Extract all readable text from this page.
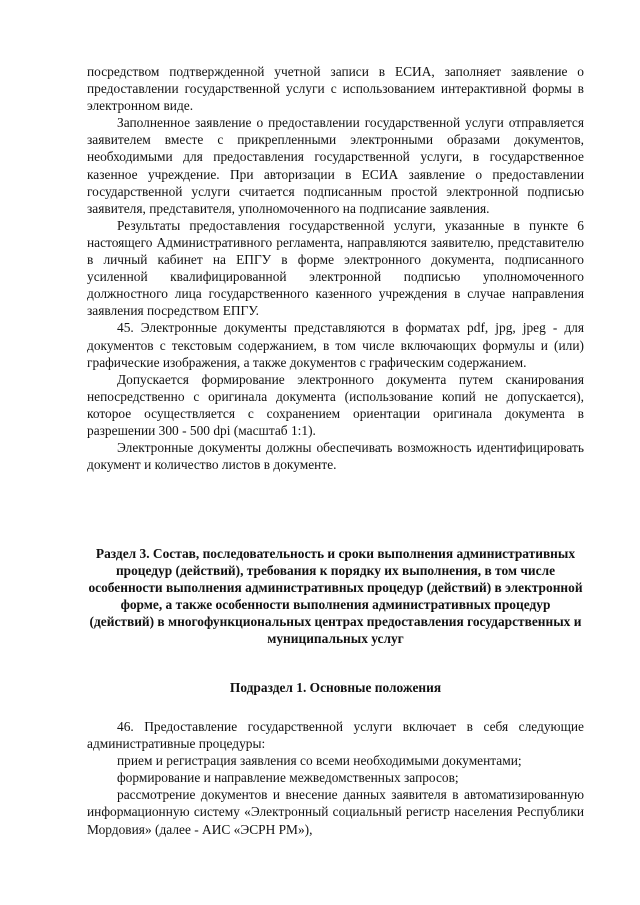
посредством подтвержденной учетной записи в ЕСИА, заполняет заявление о предоставлении государственной услуги с использованием интерактивной формы в электронном виде.

Заполненное заявление о предоставлении государственной услуги отправляется заявителем вместе с прикрепленными электронными образами документов, необходимыми для предоставления государственной услуги, в государственное казенное учреждение. При авторизации в ЕСИА заявление о предоставлении государственной услуги считается подписанным простой электронной подписью заявителя, представителя, уполномоченного на подписание заявления.

Результаты предоставления государственной услуги, указанные в пункте 6 настоящего Административного регламента, направляются заявителю, представителю в личный кабинет на ЕПГУ в форме электронного документа, подписанного усиленной квалифицированной электронной подписью уполномоченного должностного лица государственного казенного учреждения в случае направления заявления посредством ЕПГУ.

45. Электронные документы представляются в форматах pdf, jpg, jpeg - для документов с текстовым содержанием, в том числе включающих формулы и (или) графические изображения, а также документов с графическим содержанием.

Допускается формирование электронного документа путем сканирования непосредственно с оригинала документа (использование копий не допускается), которое осуществляется с сохранением ориентации оригинала документа в разрешении 300 - 500 dpi (масштаб 1:1).

Электронные документы должны обеспечивать возможность идентифицировать документ и количество листов в документе.

Раздел 3. Состав, последовательность и сроки выполнения административных процедур (действий), требования к порядку их выполнения, в том числе особенности выполнения административных процедур (действий) в электронной форме, а также особенности выполнения административных процедур (действий) в многофункциональных центрах предоставления государственных и муниципальных услуг

Подраздел 1. Основные положения

46. Предоставление государственной услуги включает в себя следующие административные процедуры:

прием и регистрация заявления со всеми необходимыми документами;

формирование и направление межведомственных запросов;

рассмотрение документов и внесение данных заявителя в автоматизированную информационную систему «Электронный социальный регистр населения Республики Мордовия» (далее - АИС «ЭСРН РМ»),
